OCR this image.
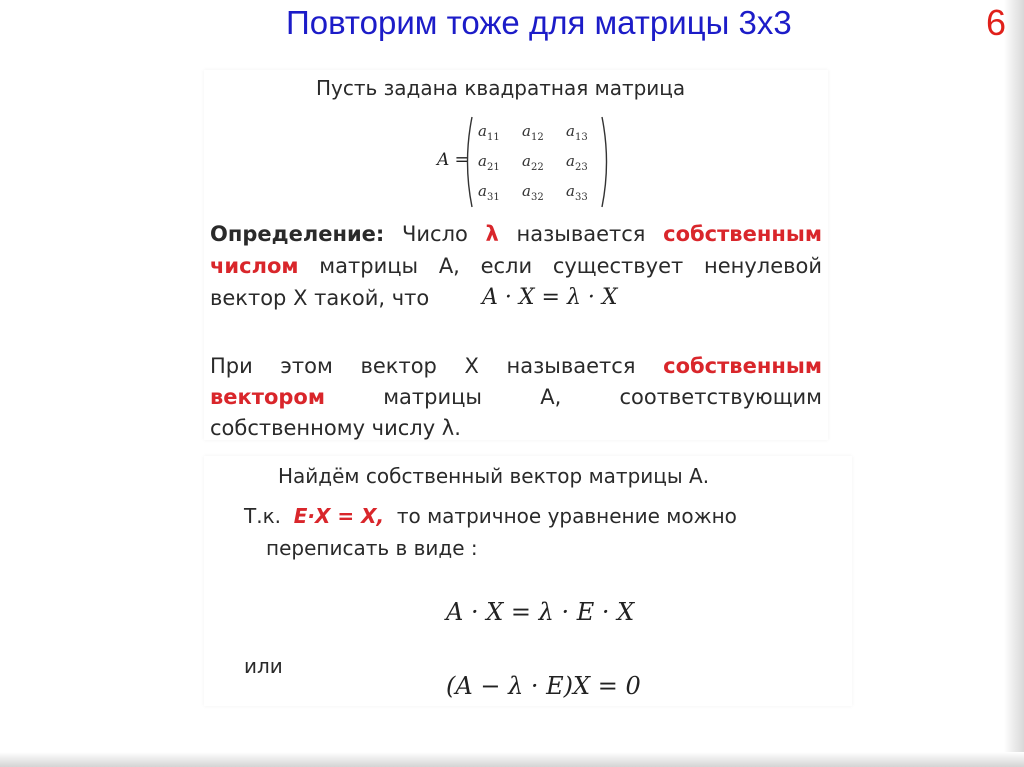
Повторим тоже для матрицы 3х3	6
Пусть задана квадратная матрица
A =
$a_{11}$ $a_{12}$ $a_{13}$
$a_{21}$ $a_{22}$ $a_{23}$
$a_{31}$ $a_{32}$ $a_{33}$
Определение: Число λ называется собственным
числом матрицы А, если существует ненулевой
вектор Х такой, что A · X = λ · X
При этом вектор Х называется собственным
вектором	матрицы А, соответствующим
собственному числу λ.
Найдём собственный вектор матрицы А.
Т.к. E·X = X, то матричное уравнение можно
переписать в виде :
A · X = λ · E · X
или
(A − λ · E)X = 0
